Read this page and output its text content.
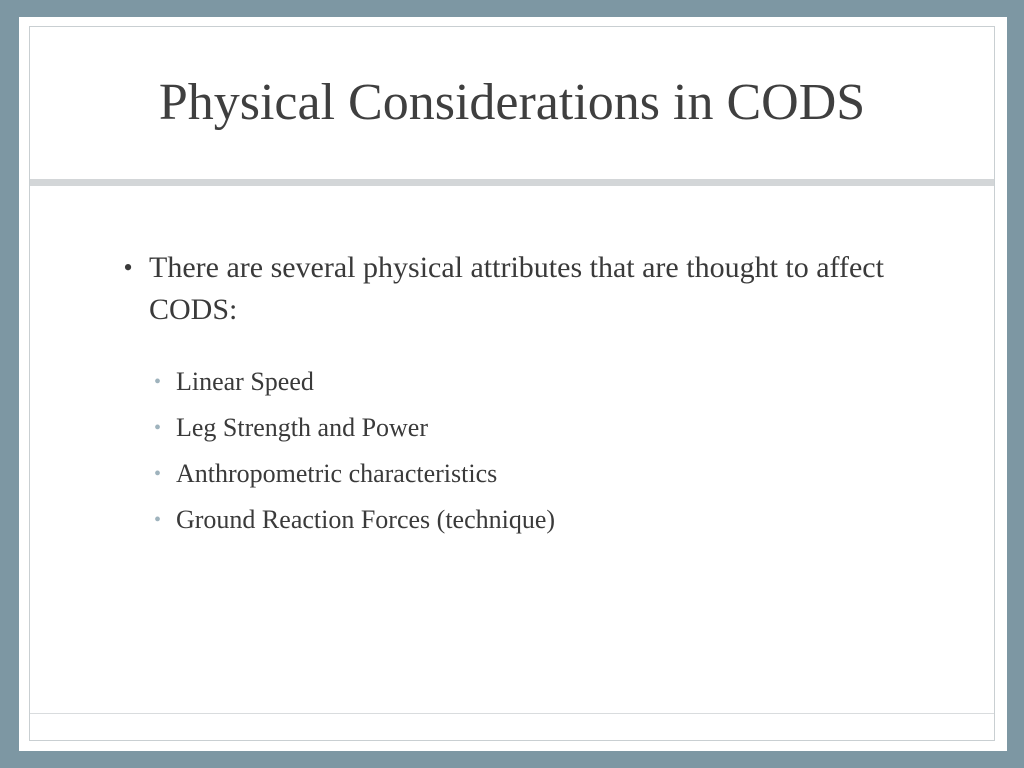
Physical Considerations in CODS
• There are several physical attributes that are thought to affect CODS:
• Linear Speed
• Leg Strength and Power
• Anthropometric characteristics
• Ground Reaction Forces (technique)
